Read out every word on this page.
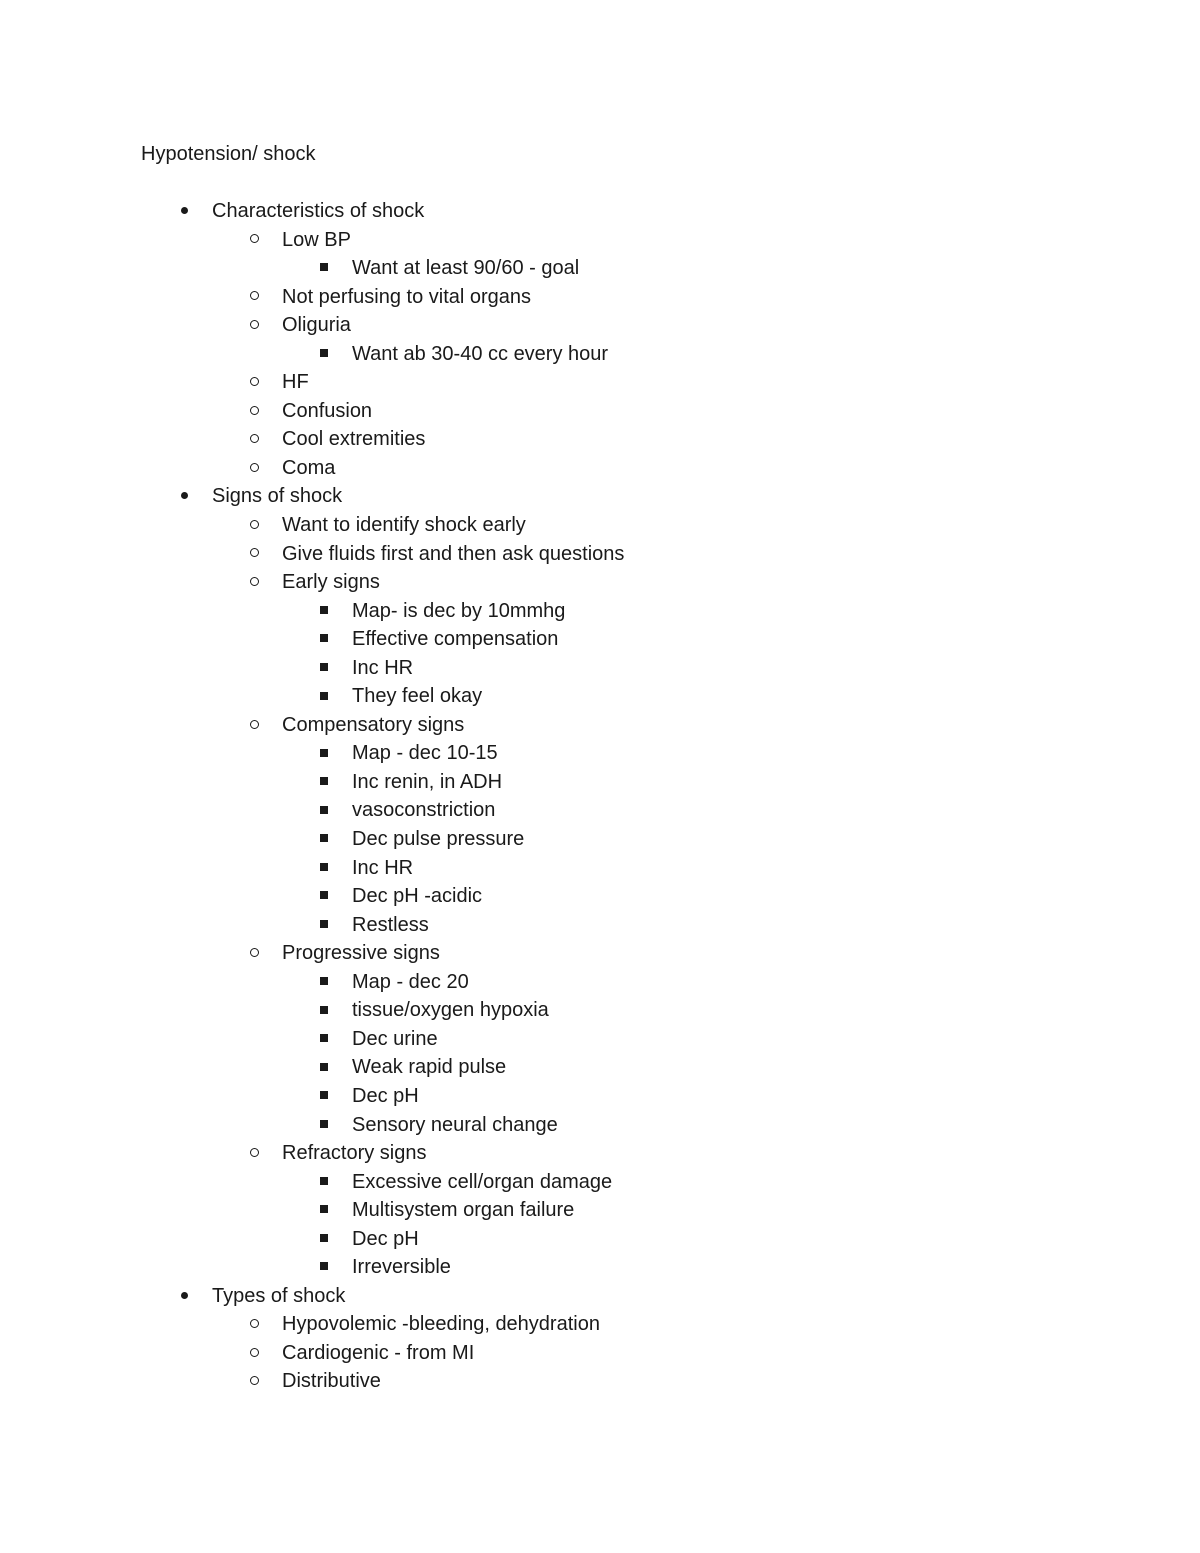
Hypotension/ shock
Characteristics of shock
Low BP
Want at least 90/60 - goal
Not perfusing to vital organs
Oliguria
Want ab 30-40 cc every hour
HF
Confusion
Cool extremities
Coma
Signs of shock
Want to identify shock early
Give fluids first and then ask questions
Early signs
Map- is dec by 10mmhg
Effective compensation
Inc HR
They feel okay
Compensatory signs
Map - dec 10-15
Inc renin, in ADH
vasoconstriction
Dec pulse pressure
Inc HR
Dec pH -acidic
Restless
Progressive signs
Map - dec 20
tissue/oxygen hypoxia
Dec urine
Weak rapid pulse
Dec pH
Sensory neural change
Refractory signs
Excessive cell/organ damage
Multisystem organ failure
Dec pH
Irreversible
Types of shock
Hypovolemic -bleeding, dehydration
Cardiogenic - from MI
Distributive
